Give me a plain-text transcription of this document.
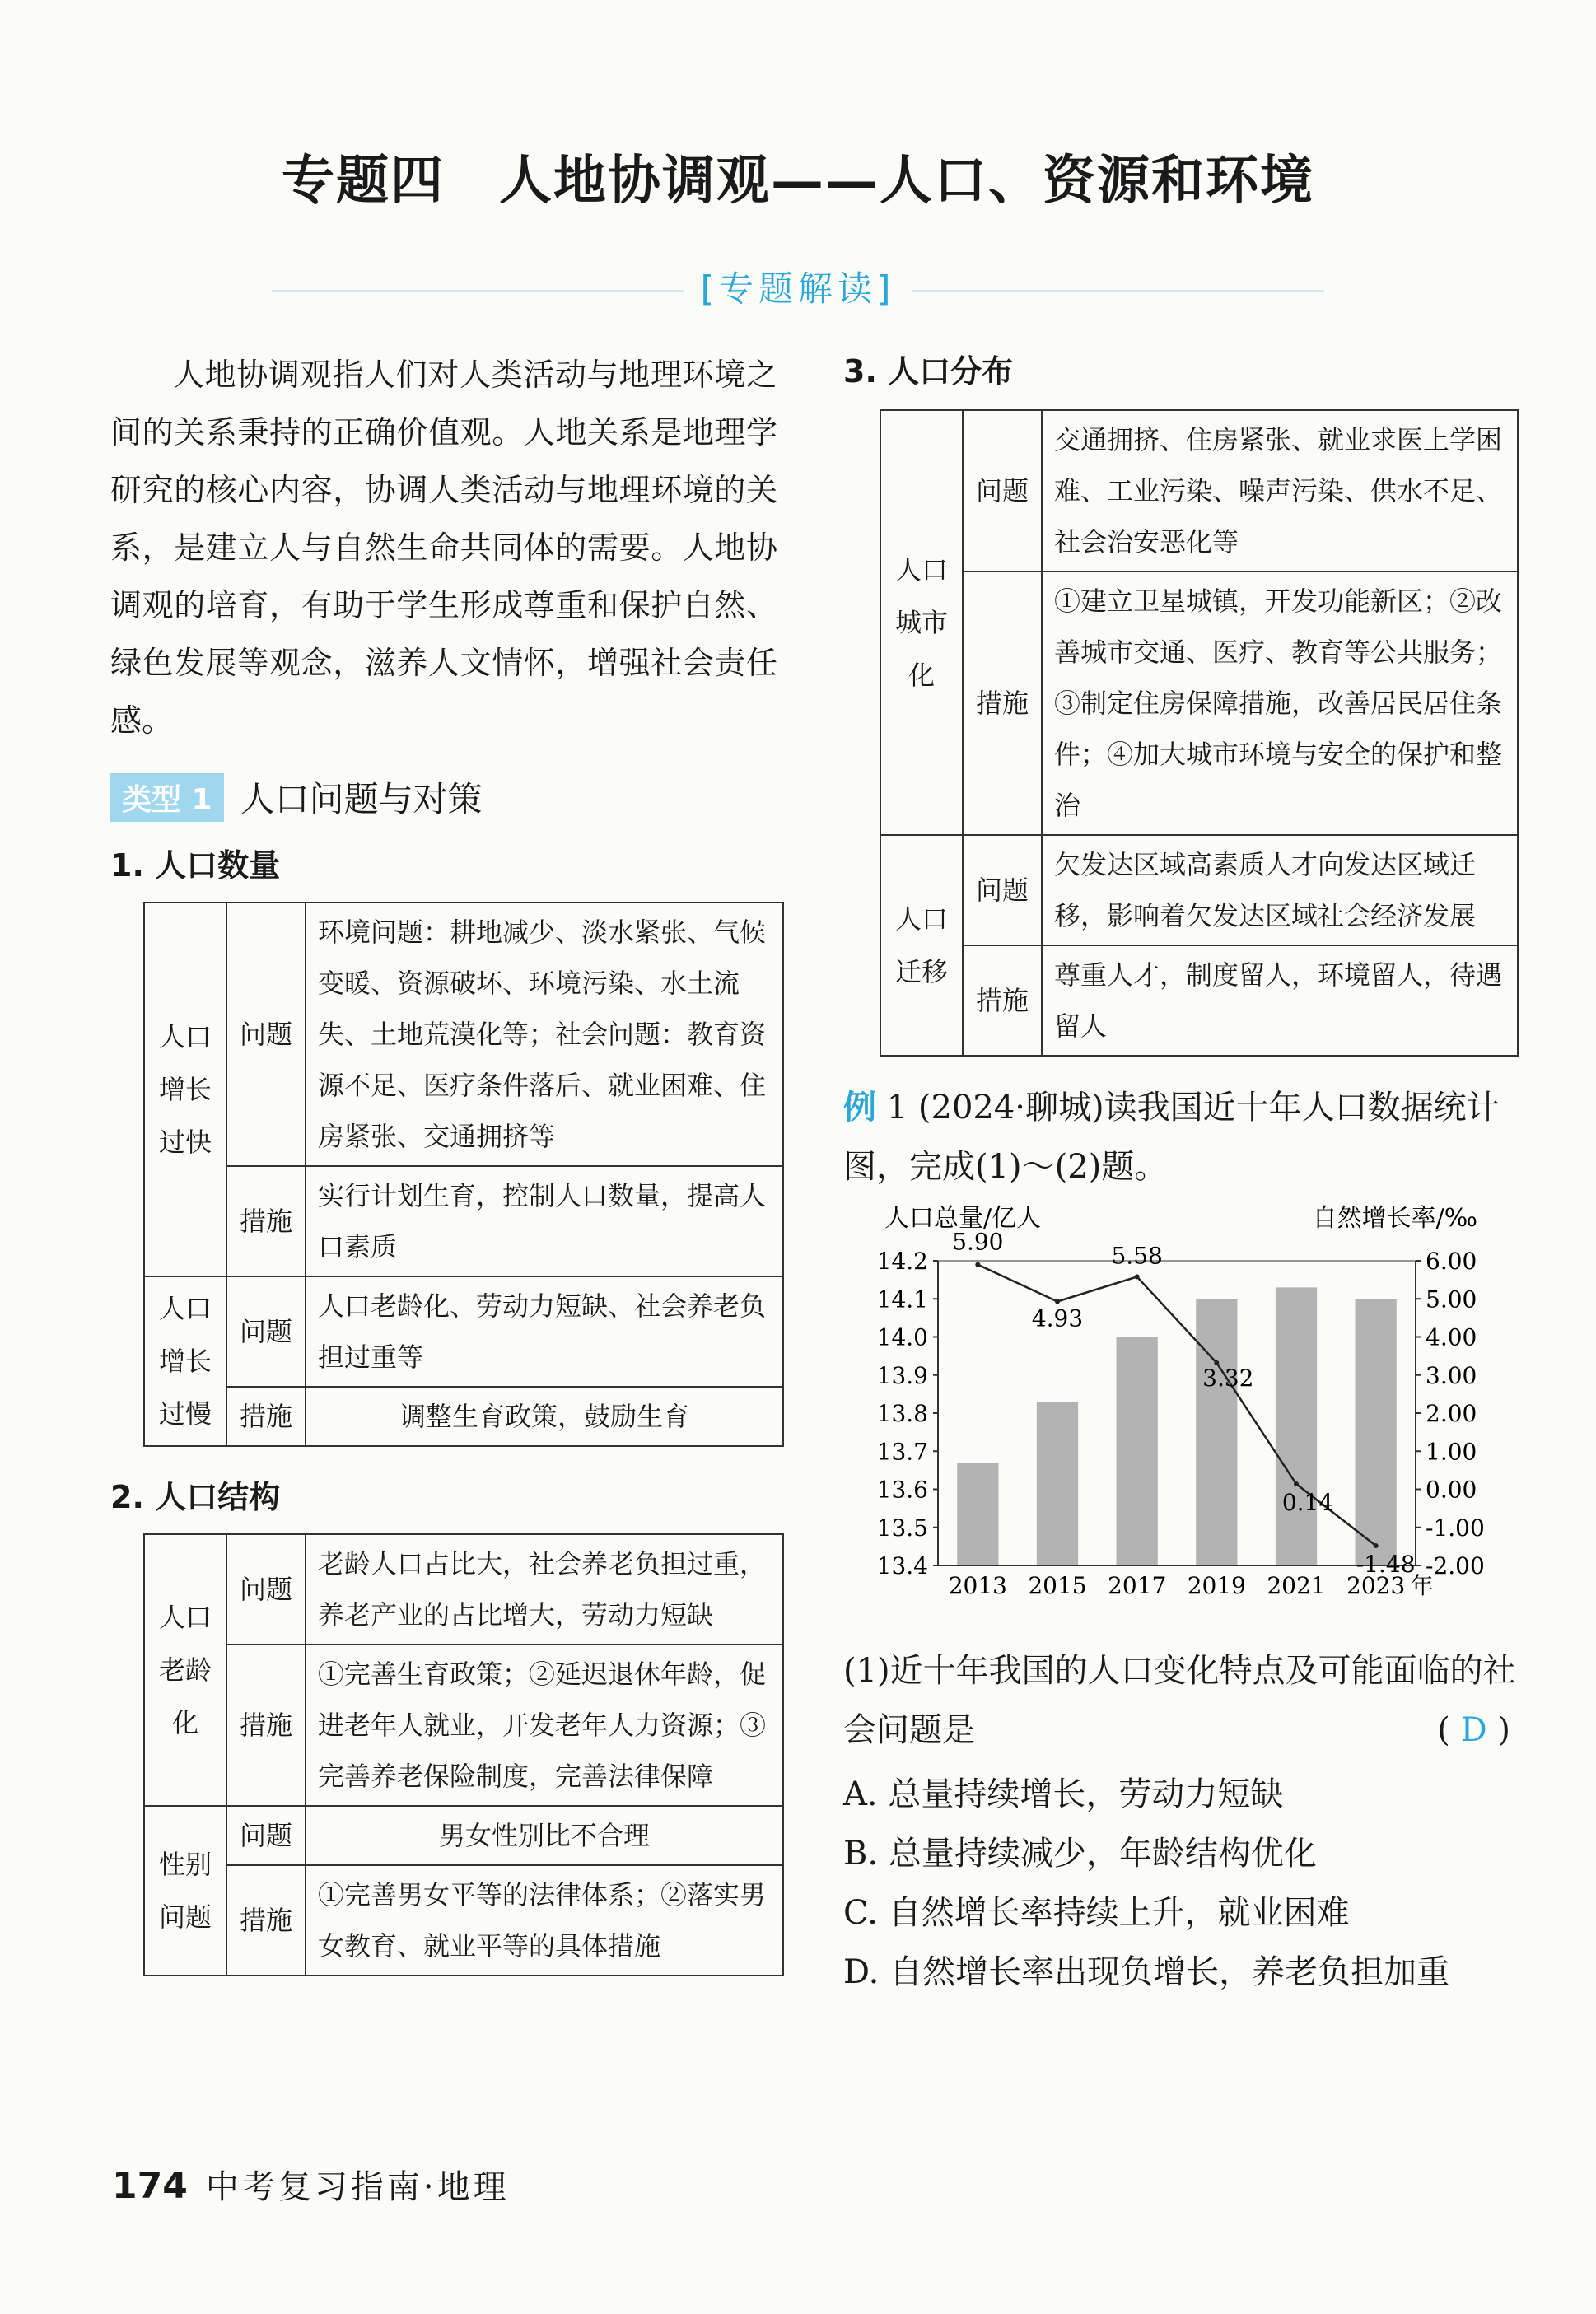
专题四　人地协调观——人口、资源和环境
[专题解读]

人地协调观指人们对人类活动与地理环境之间的关系秉持的正确价值观。人地关系是地理学研究的核心内容，协调人类活动与地理环境的关系，是建立人与自然生命共同体的需要。人地协调观的培育，有助于学生形成尊重和保护自然、绿色发展等观念，滋养人文情怀，增强社会责任感。

类型 1 人口问题与对策

1. 人口数量

人口增长过快	问题	环境问题：耕地减少、淡水紧张、气候变暖、资源破坏、环境污染、水土流失、土地荒漠化等；社会问题：教育资源不足、医疗条件落后、就业困难、住房紧张、交通拥挤等
	措施	实行计划生育，控制人口数量，提高人口素质
人口增长过慢	问题	人口老龄化、劳动力短缺、社会养老负担过重等
	措施	调整生育政策，鼓励生育

2. 人口结构

人口老龄化	问题	老龄人口占比大，社会养老负担过重，养老产业的占比增大，劳动力短缺
	措施	①完善生育政策；②延迟退休年龄，促进老年人就业，开发老年人力资源；③完善养老保险制度，完善法律保障
性别问题	问题	男女性别比不合理
	措施	①完善男女平等的法律体系；②落实男女教育、就业平等的具体措施

3. 人口分布

人口城市化	问题	交通拥挤、住房紧张、就业求医上学困难、工业污染、噪声污染、供水不足、社会治安恶化等
	措施	①建立卫星城镇，开发功能新区；②改善城市交通、医疗、教育等公共服务；③制定住房保障措施，改善居民居住条件；④加大城市环境与安全的保护和整治
人口迁移	问题	欠发达区域高素质人才向发达区域迁移，影响着欠发达区域社会经济发展
	措施	尊重人才，制度留人，环境留人，待遇留人

例 1 (2024·聊城)读我国近十年人口数据统计图，完成(1)～(2)题。

人口总量/亿人	自然增长率/‰
14.2
14.1
14.0
13.9
13.8
13.7
13.6
13.5
13.4
6.00
5.00
4.00
3.00
2.00
1.00
0.00
-1.00
-2.00
5.90
4.93
5.58
3.32
0.14
-1.48
2013 2015 2017 2019 2021 2023 年

(1)近十年我国的人口变化特点及可能面临的社会问题是	( D )

A. 总量持续增长，劳动力短缺

B. 总量持续减少，年龄结构优化

C. 自然增长率持续上升，就业困难

D. 自然增长率出现负增长，养老负担加重

174 中考复习指南·地理
